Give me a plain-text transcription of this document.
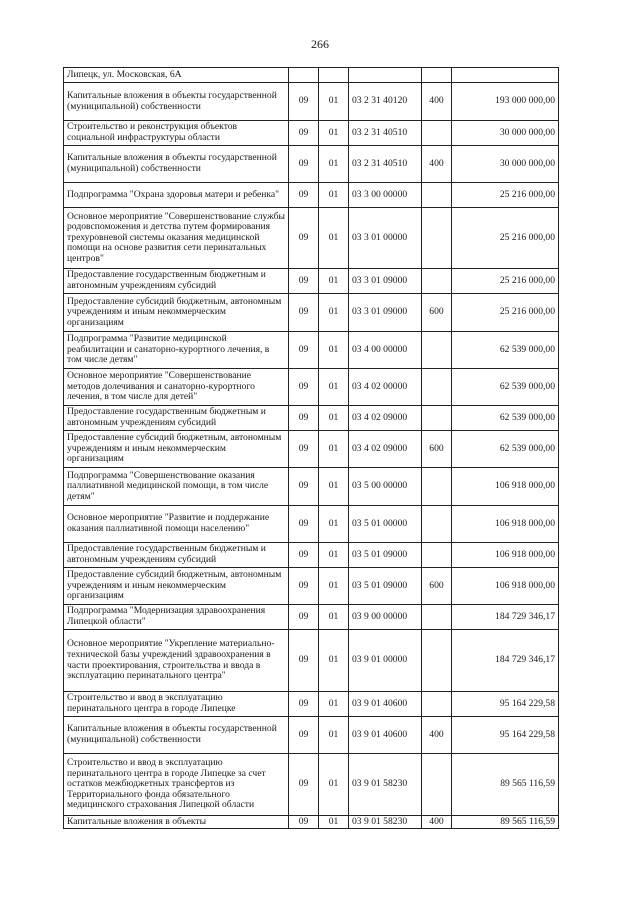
266
Липецк, ул. Московская, 6А					
Капитальные вложения в объекты государственной (муниципальной) собственности	09	01	03 2 31 40120	400	193 000 000,00
Строительство и реконструкция объектов социальной инфраструктуры области	09	01	03 2 31 40510		30 000 000,00
Капитальные вложения в объекты государственной (муниципальной) собственности	09	01	03 2 31 40510	400	30 000 000,00
Подпрограмма "Охрана здоровья матери и ребенка"	09	01	03 3 00 00000		25 216 000,00
Основное мероприятие "Совершенствование службы родовспоможения и детства путем формирования трехуровневой системы оказания медицинской помощи на основе развития сети перинатальных центров"	09	01	03 3 01 00000		25 216 000,00
Предоставление государственным бюджетным и автономным учреждениям субсидий	09	01	03 3 01 09000		25 216 000,00
Предоставление субсидий бюджетным, автономным учреждениям и иным некоммерческим организациям	09	01	03 3 01 09000	600	25 216 000,00
Подпрограмма "Развитие медицинской реабилитации и санаторно-курортного лечения, в том числе детям"	09	01	03 4 00 00000		62 539 000,00
Основное мероприятие "Совершенствование методов долечивания и санаторно-курортного лечения, в том числе для детей"	09	01	03 4 02 00000		62 539 000,00
Предоставление государственным бюджетным и автономным учреждениям субсидий	09	01	03 4 02 09000		62 539 000,00
Предоставление субсидий бюджетным, автономным учреждениям и иным некоммерческим организациям	09	01	03 4 02 09000	600	62 539 000,00
Подпрограмма "Совершенствование оказания паллиативной медицинской помощи, в том числе детям"	09	01	03 5 00 00000		106 918 000,00
Основное мероприятие "Развитие и поддержание оказания паллиативной помощи населению"	09	01	03 5 01 00000		106 918 000,00
Предоставление государственным бюджетным и автономным учреждениям субсидий	09	01	03 5 01 09000		106 918 000,00
Предоставление субсидий бюджетным, автономным учреждениям и иным некоммерческим организациям	09	01	03 5 01 09000	600	106 918 000,00
Подпрограмма "Модернизация здравоохранения Липецкой области"	09	01	03 9 00 00000		184 729 346,17
Основное мероприятие "Укрепление материально-технической базы учреждений здравоохранения в части проектирования, строительства и ввода в эксплуатацию перинатального центра"	09	01	03 9 01 00000		184 729 346,17
Строительство и ввод в эксплуатацию перинатального центра в городе Липецке	09	01	03 9 01 40600		95 164 229,58
Капитальные вложения в объекты государственной (муниципальной) собственности	09	01	03 9 01 40600	400	95 164 229,58
Строительство и ввод в эксплуатацию перинатального центра в городе Липецке за счет остатков межбюджетных трансфертов из Территориального фонда обязательного медицинского страхования Липецкой области	09	01	03 9 01 58230		89 565 116,59
Капитальные вложения в объекты	09	01	03 9 01 58230	400	89 565 116,59
